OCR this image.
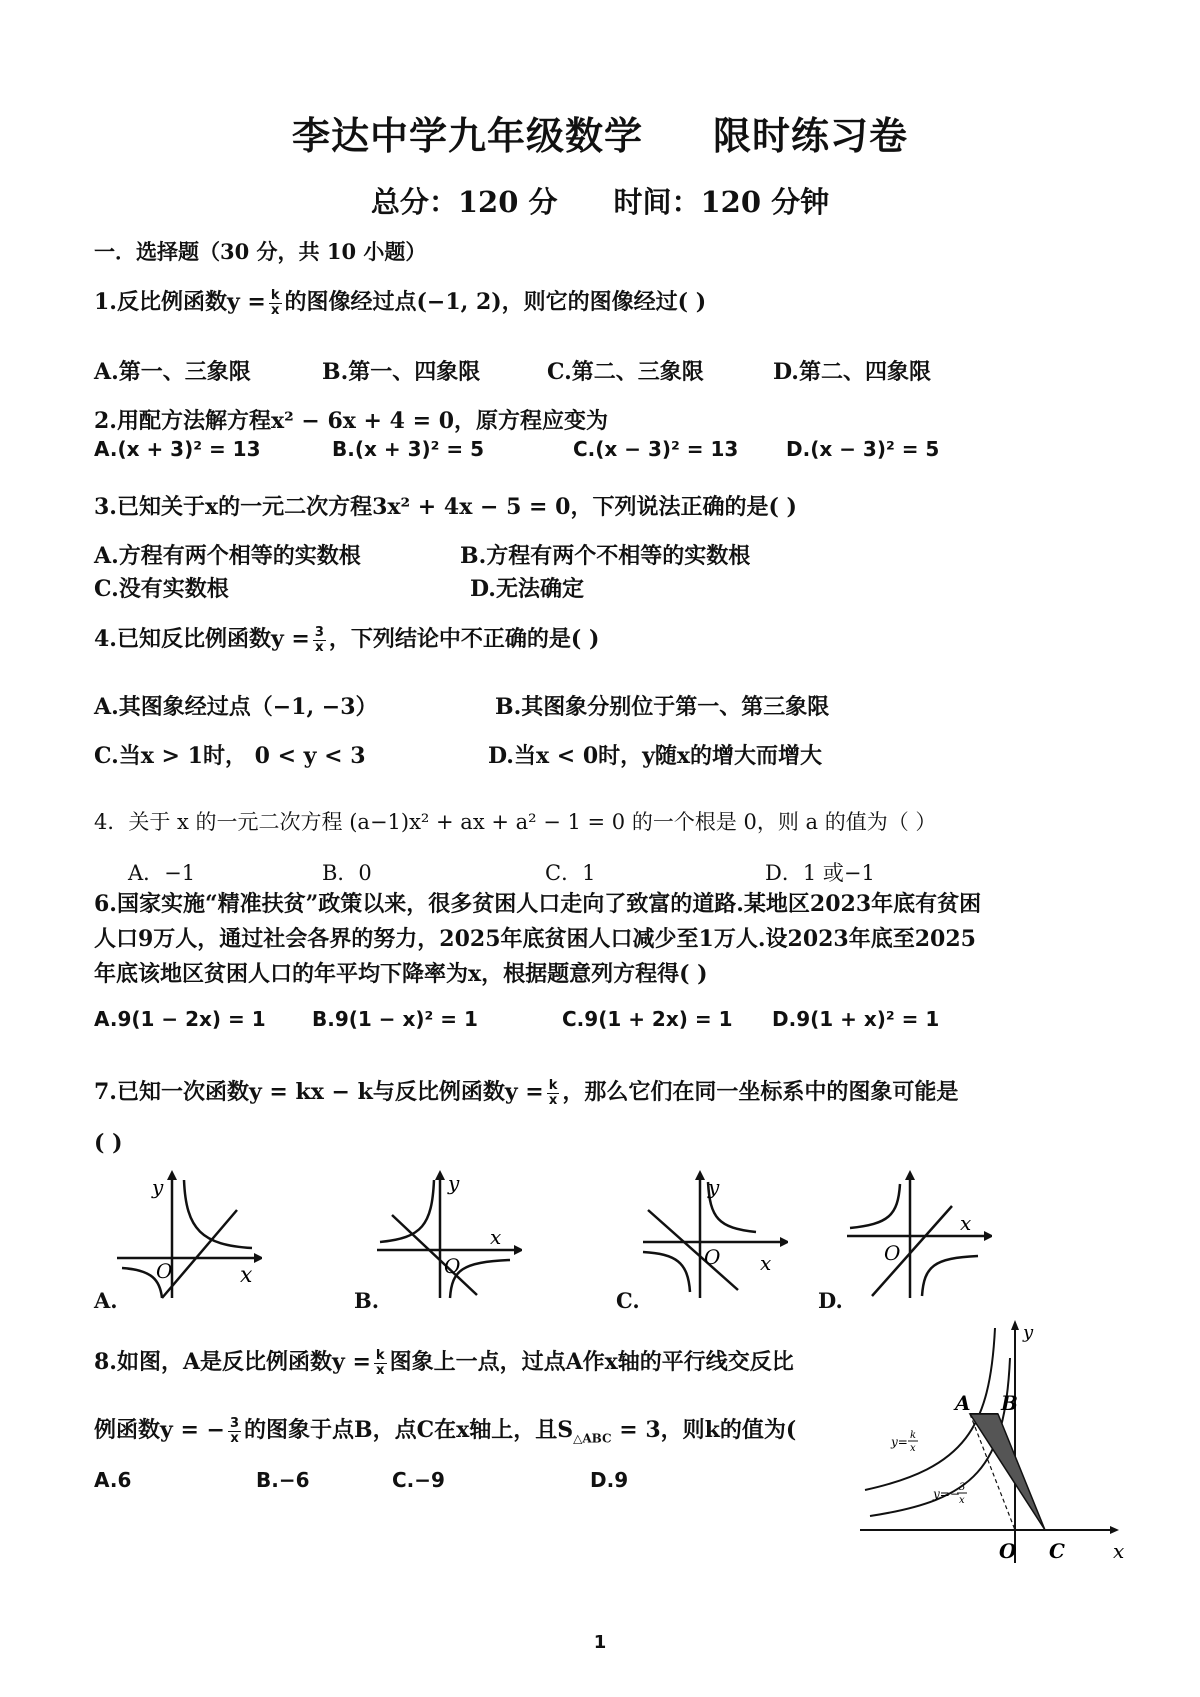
李达中学九年级数学 限时练习卷
总分：120 分 时间：120 分钟
一．选择题（30 分，共 10 小题）
1.反比例函数$y = \frac{k}{x}$ 的图像经过点(−1, 2)，则它的图像经过( )
A.第一、三象限	B.第一、四象限	C.第二、三象限	D.第二、四象限
2.用配方法解方程x² − 6x + 4 = 0，原方程应变为
A.(x + 3)² = 13	B.(x + 3)² = 5	C.(x − 3)² = 13 D.(x − 3)² = 5
3.已知关于x的一元二次方程3x² + 4x − 5 = 0，下列说法正确的是( )
A.方程有两个相等的实数根	B.方程有两个不相等的实数根
C.没有实数根	D.无法确定
4.已知反比例函数$y = \frac{3}{x}$ ，下列结论中不正确的是( )
A.其图象经过点（−1, −3）	B.其图象分别位于第一、第三象限
C.当x > 1时， 0 < y < 3	D.当x < 0时，y随x的增大而增大
4．关于 x 的一元二次方程 (a−1)x² + ax + a² − 1 = 0 的一个根是 0，则 a 的值为（ ）
A．−1	B．0	C．1	D．1 或−1
6.国家实施“精准扶贫”政策以来，很多贫困人口走向了致富的道路.某地区2023年底有贫困
人口9万人，通过社会各界的努力，2025年底贫困人口减少至1万人.设2023年底至2025
年底该地区贫困人口的年平均下降率为x，根据题意列方程得( )
A.9(1 − 2x) = 1 B.9(1 − x)² = 1	C.9(1 + 2x) = 1 D.9(1 + x)² = 1
7.已知一次函数y = kx − k与反比例函数$y = \frac{k}{x}$ ，那么它们在同一坐标系中的图象可能是
( )
y
x
O
A.
y
x
O
B.
y
x
O
C.
x
O
D.
8.如图，A是反比例函数$y = \frac{k}{x}$ 图象上一点，过点A作x轴的平行线交反比
例函数y = − $\frac{3}{x}$ 的图象于点B，点C在x轴上，且$S_{\triangle ABC} = 3$，则k的值为(
A.6	B.−6	C.−9	D.9
A B
C
O	x
y
y= k
x
y=− 3
x
1
